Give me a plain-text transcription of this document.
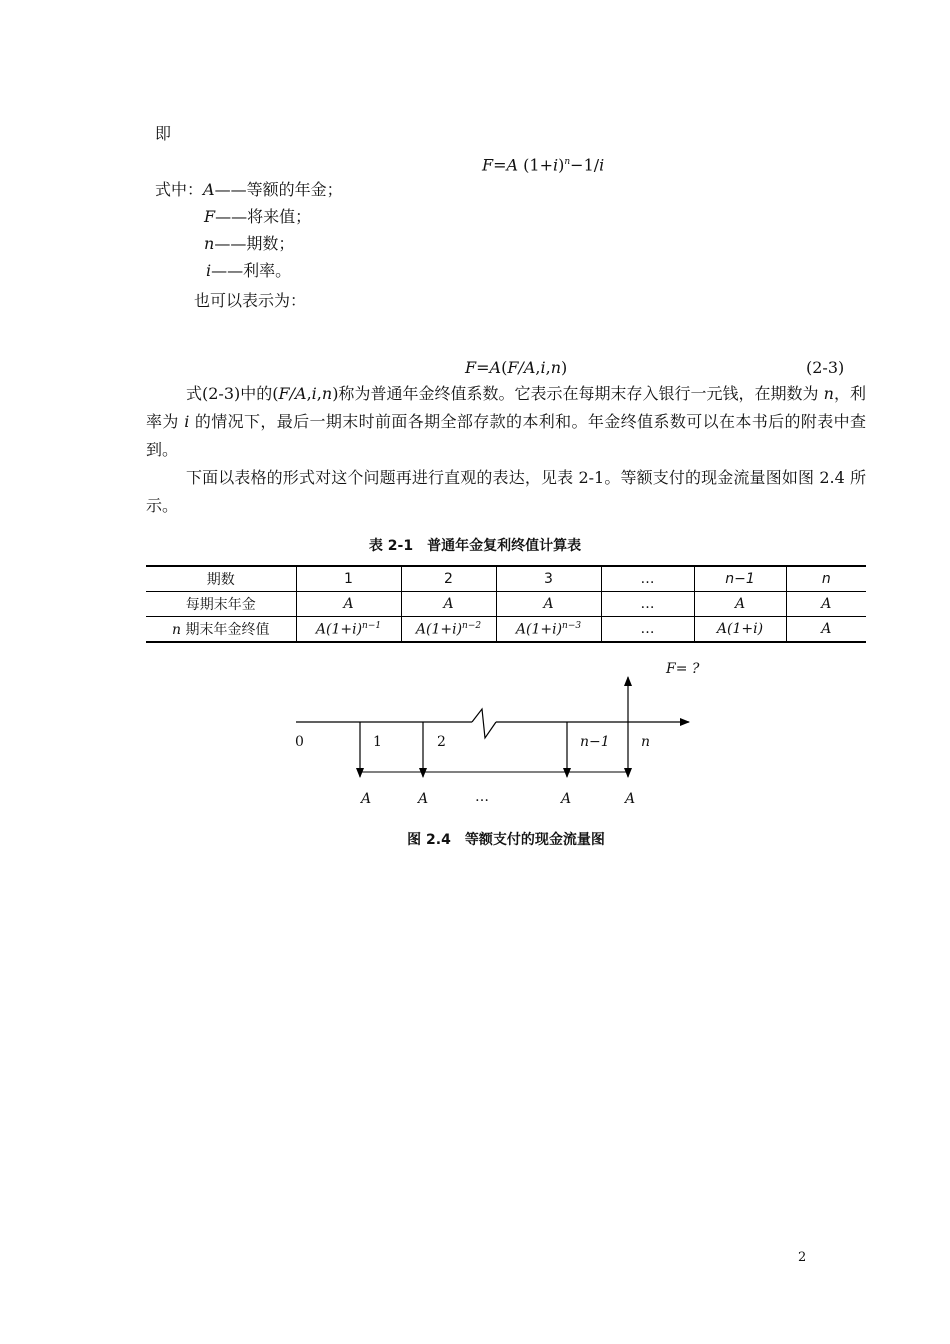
即
F=A $(1+i)^n-1/i$
式中：A——等额的年金；
F——将来值；
n——期数；
i——利率。
也可以表示为：
F=A(F/A,i,n)	(2-3)
式(2-3)中的(F/A,i,n)称为普通年金终值系数。它表示在每期末存入银行一元钱，在期数为 n，利率为 i 的情况下，最后一期末时前面各期全部存款的本利和。年金终值系数可以在本书后的附表中查到。
下面以表格的形式对这个问题再进行直观的表达，见表 2-1。等额支付的现金流量图如图 2.4 所示。
表 2-1　普通年金复利终值计算表
期数	1	2	3	…	n−1	n
每期末年金	A	A	A	…	A	A
n 期末年金终值	$A(1+i)^{n-1}$	$A(1+i)^{n-2}$	$A(1+i)^{n-3}$	…	A(1+i)	A
F= ?
0	1	2	n−1 n
A	A	…	A	A
图 2.4　等额支付的现金流量图
2
